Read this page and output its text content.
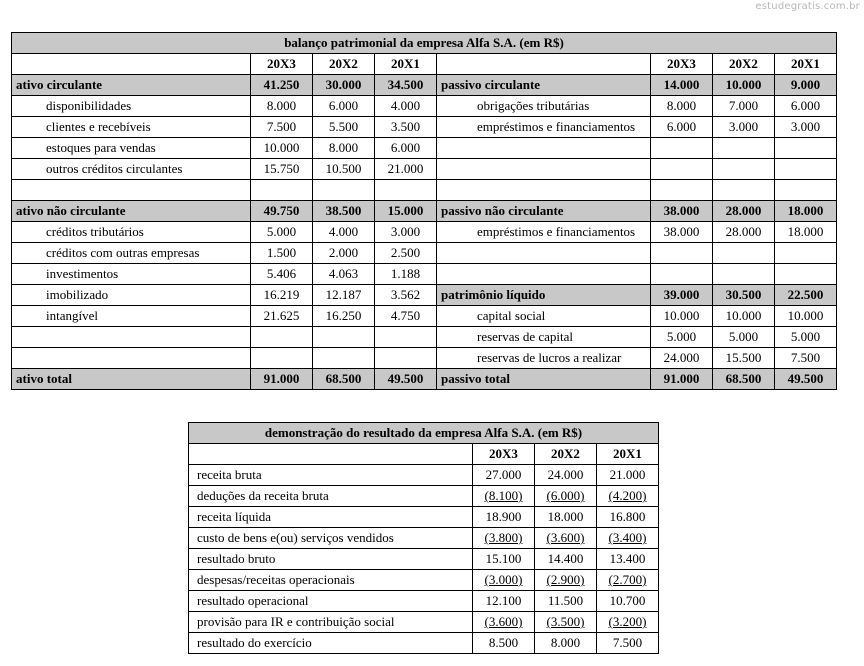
estudegratis.com.br
balanço patrimonial da empresa Alfa S.A. (em R$)							
	20X3	20X2	20X1		20X3	20X2	20X1
ativo circulante	41.250	30.000	34.500	passivo circulante	14.000	10.000	9.000
disponibilidades	8.000	6.000	4.000	obrigações tributárias	8.000	7.000	6.000
clientes e recebíveis	7.500	5.500	3.500	empréstimos e financiamentos	6.000	3.000	3.000
estoques para vendas	10.000	8.000	6.000				
outros créditos circulantes	15.750	10.500	21.000				

ativo não circulante	49.750	38.500	15.000	passivo não circulante	38.000	28.000	18.000
créditos tributários	5.000	4.000	3.000	empréstimos e financiamentos	38.000	28.000	18.000
créditos com outras empresas	1.500	2.000	2.500				
investimentos	5.406	4.063	1.188				
imobilizado	16.219	12.187	3.562	patrimônio líquido	39.000	30.500	22.500
intangível	21.625	16.250	4.750	capital social	10.000	10.000	10.000
				reservas de capital	5.000	5.000	5.000
				reservas de lucros a realizar	24.000	15.500	7.500
ativo total	91.000	68.500	49.500	passivo total	91.000	68.500	49.500
demonstração do resultado da empresa Alfa S.A. (em R$)			
	20X3	20X2	20X1
receita bruta	27.000	24.000	21.000
deduções da receita bruta	(8.100)	(6.000)	(4.200)
receita líquida	18.900	18.000	16.800
custo de bens e(ou) serviços vendidos	(3.800)	(3.600)	(3.400)
resultado bruto	15.100	14.400	13.400
despesas/receitas operacionais	(3.000)	(2.900)	(2.700)
resultado operacional	12.100	11.500	10.700
provisão para IR e contribuição social	(3.600)	(3.500)	(3.200)
resultado do exercício	8.500	8.000	7.500
